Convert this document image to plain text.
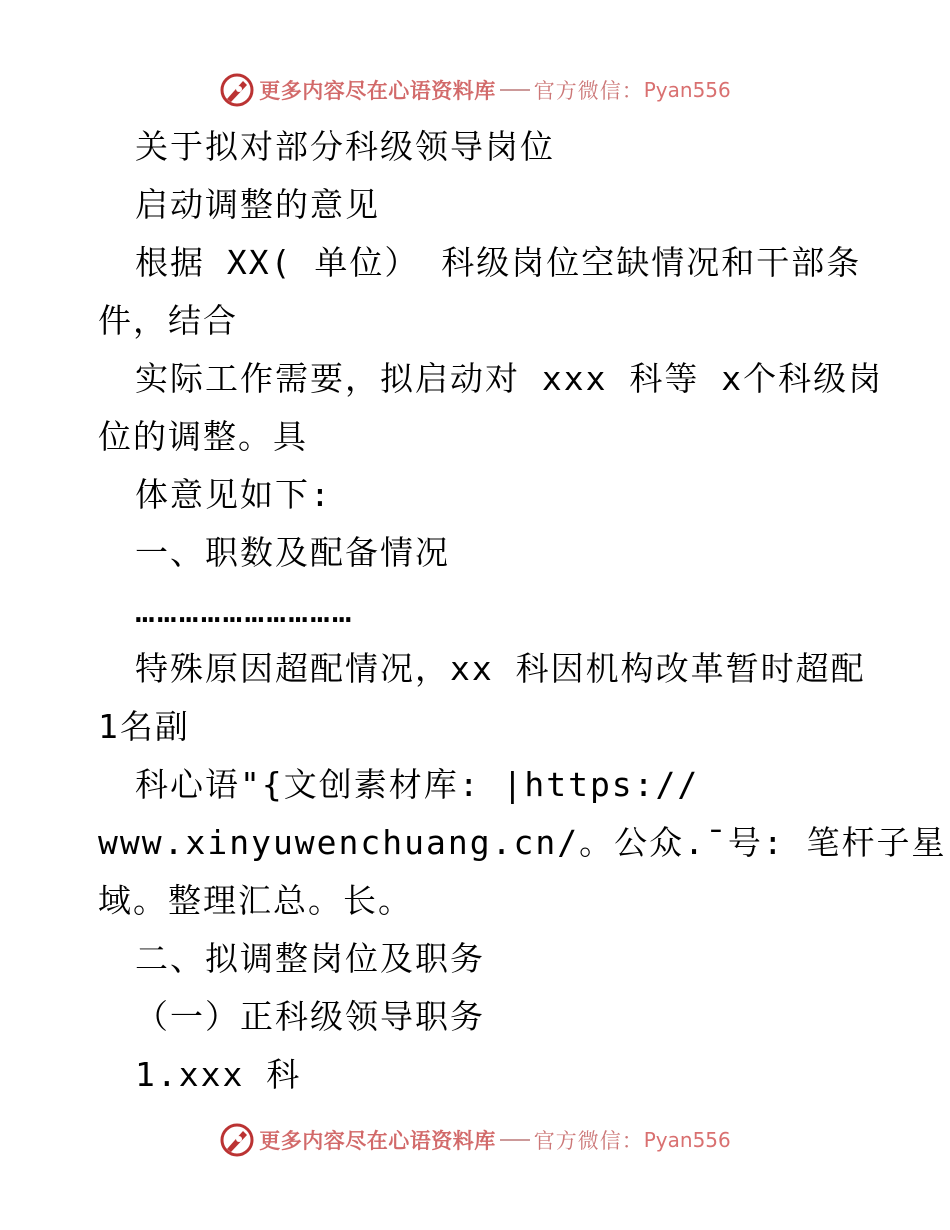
更多内容尽在心语资料库 官方微信： Pyan556
关于拟对部分科级领导岗位
启动调整的意见
根据 XX( 单位） 科级岗位空缺情况和干部条
件，结合
实际工作需要，拟启动对 xxx 科等 x个科级岗
位的调整。具
体意见如下:
一、职数及配备情况
…………………………
特殊原因超配情况，xx 科因机构改革暂时超配
1名副
科心语"{文创素材库: |https://
www.xinyuwenchuang.cn/。公众.¯号: 笔杆子星
域。整理汇总。长。
二、拟调整岗位及职务
（一）正科级领导职务
1.xxx 科
更多内容尽在心语资料库 官方微信： Pyan556
